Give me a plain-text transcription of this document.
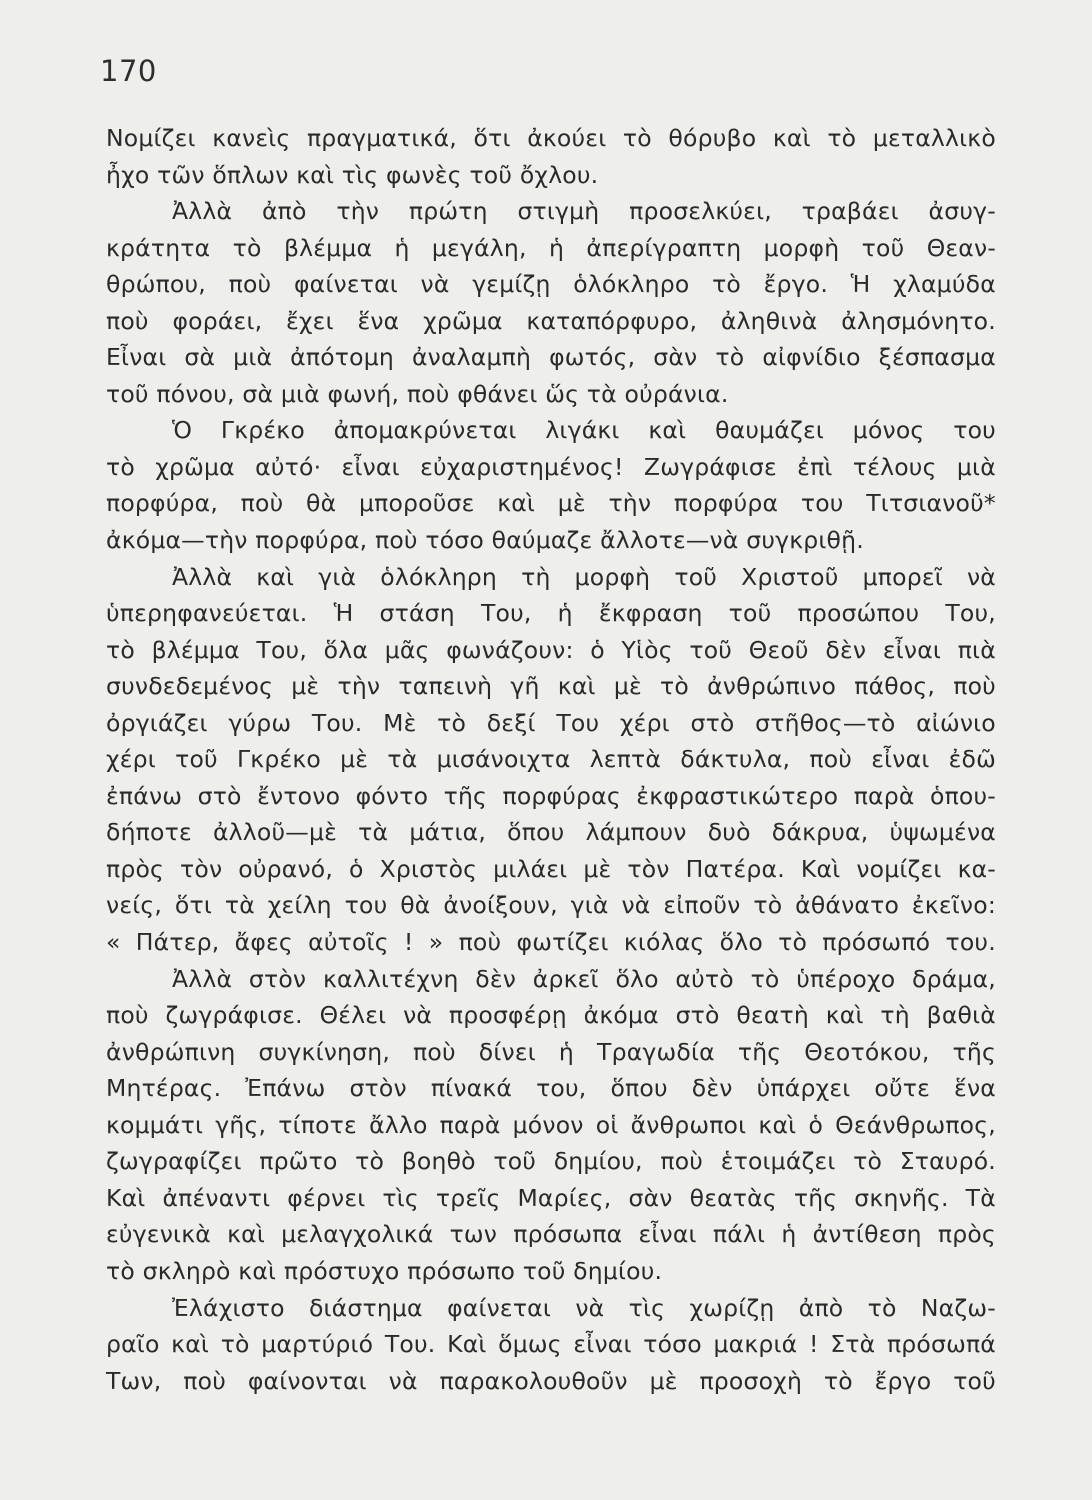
170
Νομίζει κανεὶς πραγματικά, ὅτι ἀκούει τὸ θόρυβο καὶ τὸ μεταλλικὸ
ἦχο τῶν ὅπλων καὶ τὶς φωνὲς τοῦ ὄχλου.
Ἀλλὰ ἀπὸ τὴν πρώτη στιγμὴ προσελκύει, τραβάει ἀσυγ-
κράτητα τὸ βλέμμα ἡ μεγάλη, ἡ ἀπερίγραπτη μορφὴ τοῦ Θεαν-
θρώπου, ποὺ φαίνεται νὰ γεμίζῃ ὁλόκληρο τὸ ἔργο. Ἡ χλαμύδα
ποὺ φοράει, ἔχει ἕνα χρῶμα καταπόρφυρο, ἀληθινὰ ἀλησμόνητο.
Εἶναι σὰ μιὰ ἀπότομη ἀναλαμπὴ φωτός, σὰν τὸ αἰφνίδιο ξέσπασμα
τοῦ πόνου, σὰ μιὰ φωνή, ποὺ φθάνει ὥς τὰ οὐράνια.
Ὁ Γκρέκο ἀπομακρύνεται λιγάκι καὶ θαυμάζει μόνος του
τὸ χρῶμα αὐτό· εἶναι εὐχαριστημένος! Ζωγράφισε ἐπὶ τέλους μιὰ
πορφύρα, ποὺ θὰ μποροῦσε καὶ μὲ τὴν πορφύρα του Τιτσιανοῦ*
ἀκόμα—τὴν πορφύρα, ποὺ τόσο θαύμαζε ἄλλοτε—νὰ συγκριθῇ.
Ἀλλὰ καὶ γιὰ ὁλόκληρη τὴ μορφὴ τοῦ Χριστοῦ μπορεῖ νὰ
ὑπερηφανεύεται. Ἡ στάση Του, ἡ ἔκφραση τοῦ προσώπου Του,
τὸ βλέμμα Του, ὅλα μᾶς φωνάζουν: ὁ Υἱὸς τοῦ Θεοῦ δὲν εἶναι πιὰ
συνδεδεμένος μὲ τὴν ταπεινὴ γῆ καὶ μὲ τὸ ἀνθρώπινο πάθος, ποὺ
ὀργιάζει γύρω Του. Μὲ τὸ δεξί Του χέρι στὸ στῆθος—τὸ αἰώνιο
χέρι τοῦ Γκρέκο μὲ τὰ μισάνοιχτα λεπτὰ δάκτυλα, ποὺ εἶναι ἐδῶ
ἐπάνω στὸ ἔντονο φόντο τῆς πορφύρας ἐκφραστικώτερο παρὰ ὁπου-
δήποτε ἀλλοῦ—μὲ τὰ μάτια, ὅπου λάμπουν δυὸ δάκρυα, ὑψωμένα
πρὸς τὸν οὐρανό, ὁ Χριστὸς μιλάει μὲ τὸν Πατέρα. Καὶ νομίζει κα-
νείς, ὅτι τὰ χείλη του θὰ ἀνοίξουν, γιὰ νὰ εἰποῦν τὸ ἀθάνατο ἐκεῖνο:
« Πάτερ, ἄφες αὐτοῖς ! » ποὺ φωτίζει κιόλας ὅλο τὸ πρόσωπό του.
Ἀλλὰ στὸν καλλιτέχνη δὲν ἀρκεῖ ὅλο αὐτὸ τὸ ὑπέροχο δράμα,
ποὺ ζωγράφισε. Θέλει νὰ προσφέρῃ ἀκόμα στὸ θεατὴ καὶ τὴ βαθιὰ
ἀνθρώπινη συγκίνηση, ποὺ δίνει ἡ Τραγωδία τῆς Θεοτόκου, τῆς
Μητέρας. Ἐπάνω στὸν πίνακά του, ὅπου δὲν ὑπάρχει οὔτε ἕνα
κομμάτι γῆς, τίποτε ἄλλο παρὰ μόνον οἱ ἄνθρωποι καὶ ὁ Θεάνθρωπος,
ζωγραφίζει πρῶτο τὸ βοηθὸ τοῦ δημίου, ποὺ ἑτοιμάζει τὸ Σταυρό.
Καὶ ἀπέναντι φέρνει τὶς τρεῖς Μαρίες, σὰν θεατὰς τῆς σκηνῆς. Τὰ
εὐγενικὰ καὶ μελαγχολικά των πρόσωπα εἶναι πάλι ἡ ἀντίθεση πρὸς
τὸ σκληρὸ καὶ πρόστυχο πρόσωπο τοῦ δημίου.
Ἐλάχιστο διάστημα φαίνεται νὰ τὶς χωρίζῃ ἀπὸ τὸ Ναζω-
ραῖο καὶ τὸ μαρτύριό Του. Καὶ ὅμως εἶναι τόσο μακριά ! Στὰ πρόσωπά
Των, ποὺ φαίνονται νὰ παρακολουθοῦν μὲ προσοχὴ τὸ ἔργο τοῦ
